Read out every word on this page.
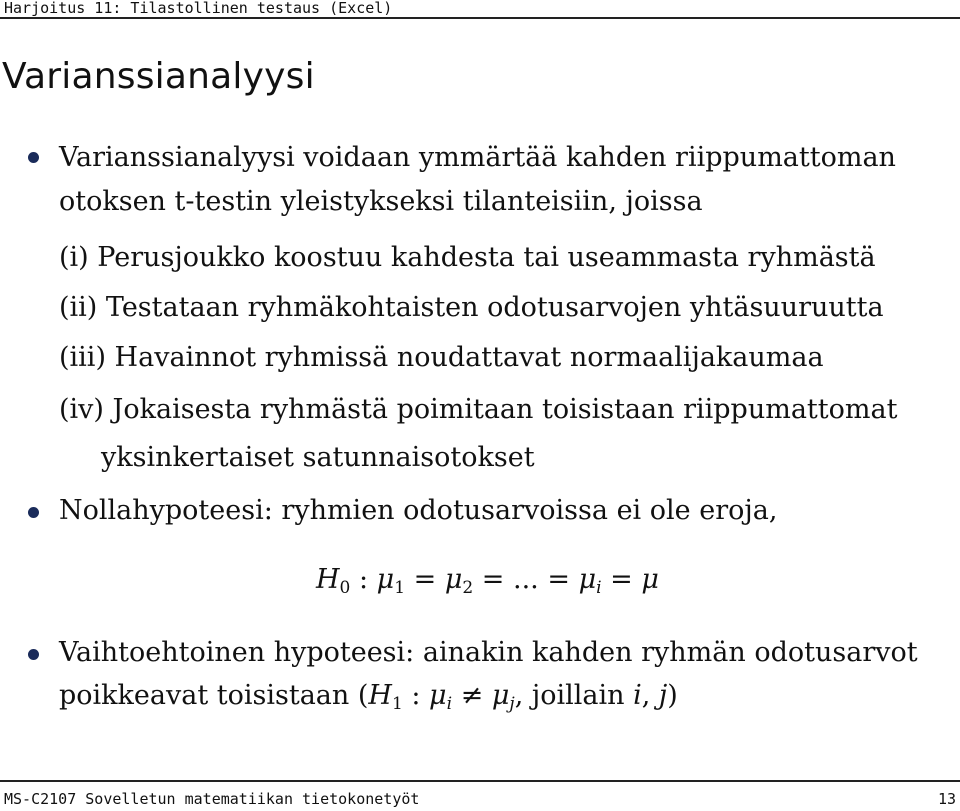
Harjoitus 11: Tilastollinen testaus (Excel)
Varianssianalyysi
Varianssianalyysi voidaan ymmärtää kahden riippumattoman
otoksen t-testin yleistykseksi tilanteisiin, joissa
(i) Perusjoukko koostuu kahdesta tai useammasta ryhmästä
(ii) Testataan ryhmäkohtaisten odotusarvojen yhtäsuuruutta
(iii) Havainnot ryhmissä noudattavat normaalijakaumaa
(iv) Jokaisesta ryhmästä poimitaan toisistaan riippumattomat
yksinkertaiset satunnaisotokset
Nollahypoteesi: ryhmien odotusarvoissa ei ole eroja,
$H_0$ : $\mu_1 = \mu_2$ = ... = $\mu_i = \mu$
Vaihtoehtoinen hypoteesi: ainakin kahden ryhmän odotusarvot
poikkeavat toisistaan ($H_1$ : $\mu_i \ne \mu_j$, joillain i, j)
MS-C2107 Sovelletun matematiikan tietokonetyöt	13
